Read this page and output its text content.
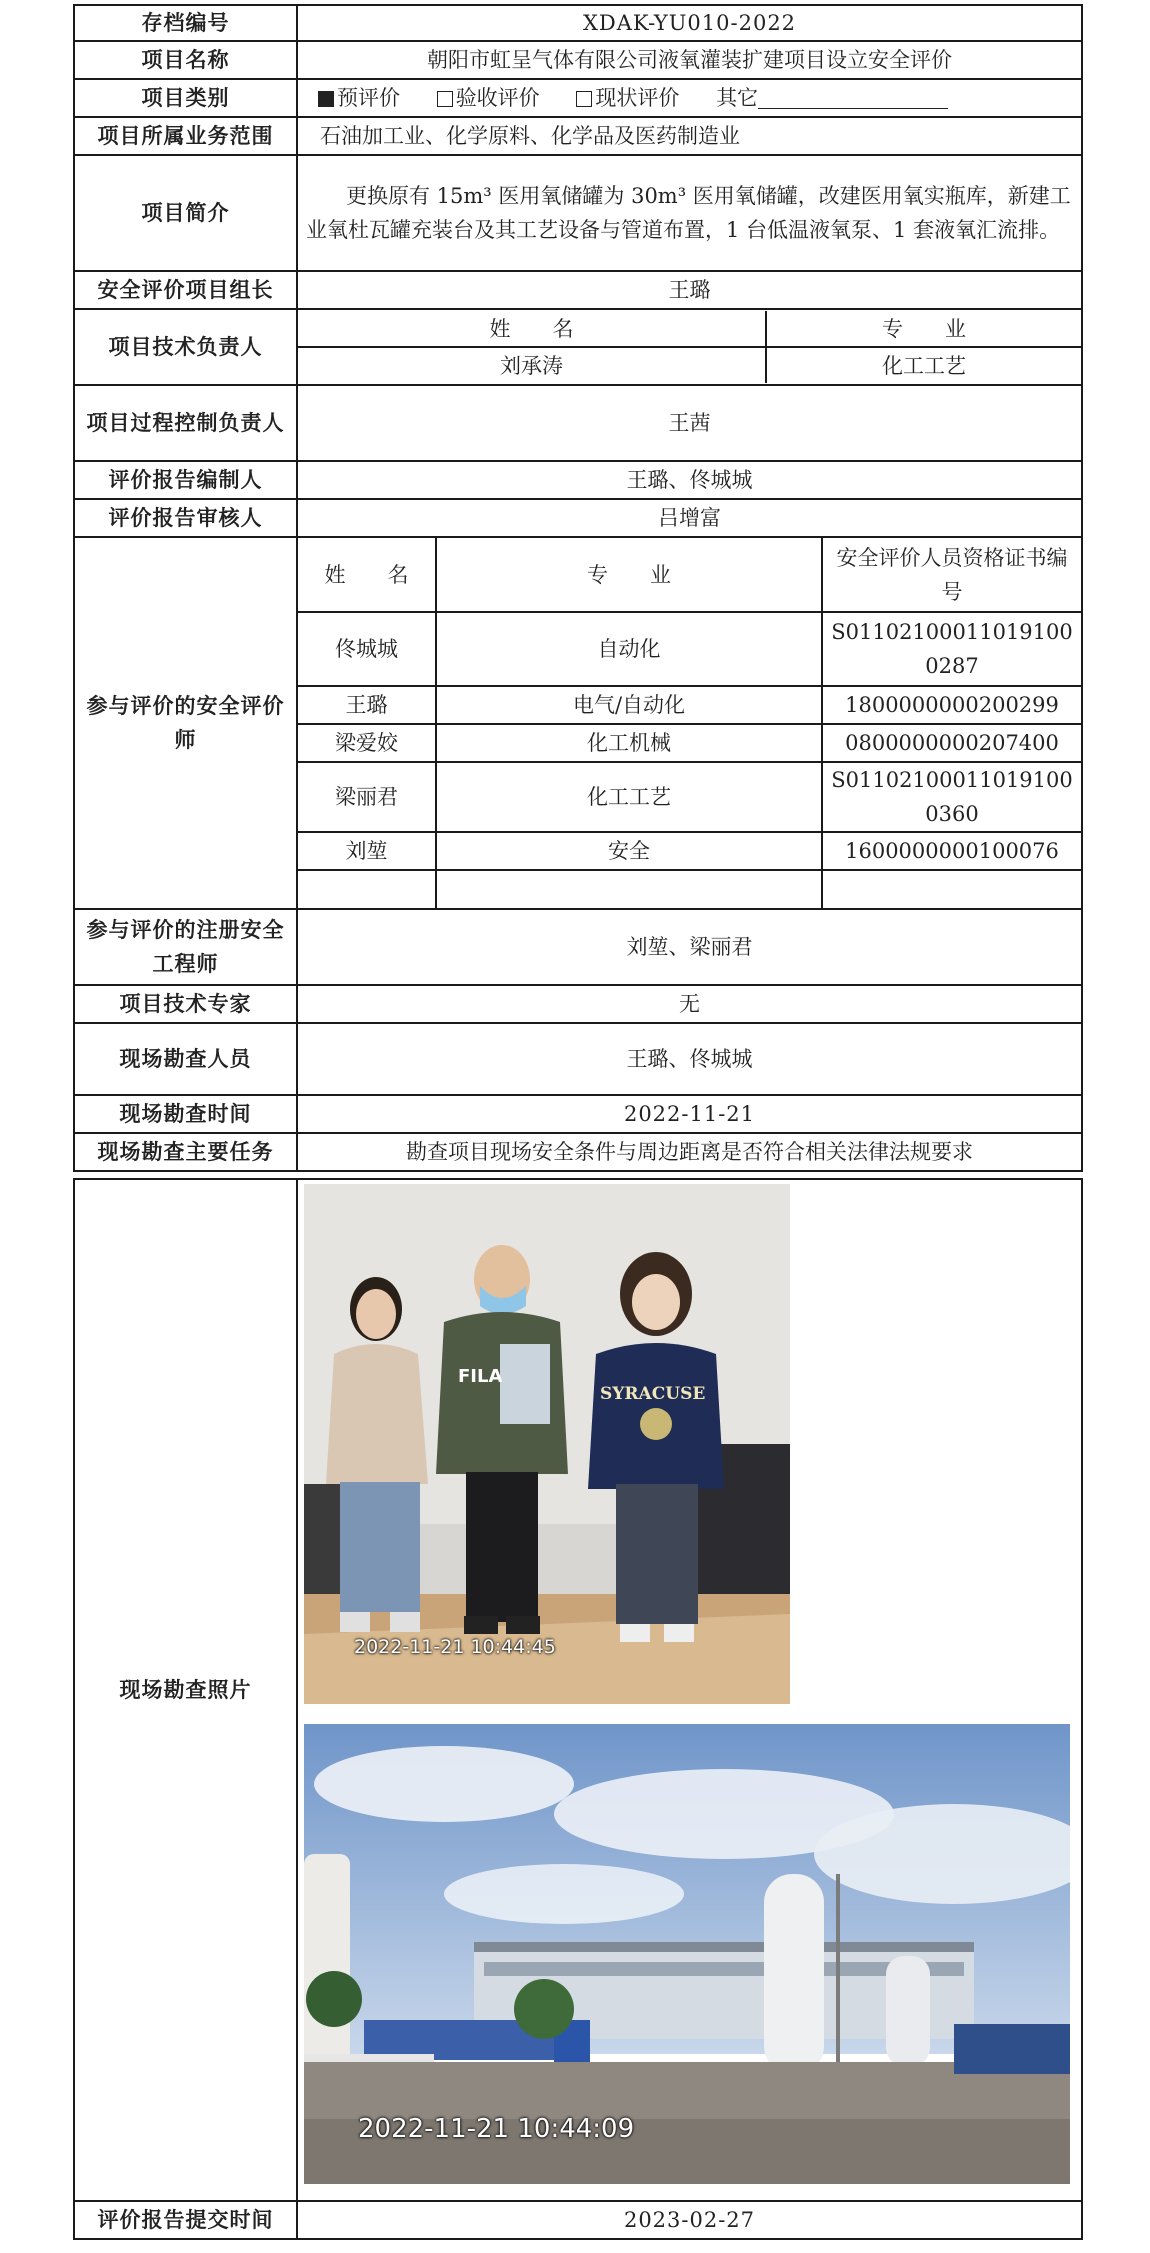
存档编号	XDAK-YU010-2022
项目名称	朝阳市虹呈气体有限公司液氧灌装扩建项目设立安全评价
项目类别	预评价	验收评价	现状评价 其它
项目所属业务范围	石油加工业、化学原料、化学品及医药制造业
项目简介	更换原有 15m³ 医用氧储罐为 30m³ 医用氧储罐，改建医用氧实瓶库，新建工业氧杜瓦罐充装台及其工艺设备与管道布置，1 台低温液氧泵、1 套液氧汇流排。
安全评价项目组长	王璐
项目技术负责人	
姓　　名	专　　业
刘承涛	化工工艺

项目过程控制负责人	王茜
评价报告编制人	王璐、佟城城
评价报告审核人	吕增富
参与评价的安全评价师	
姓　　名	专　　业	安全评价人员资格证书编号
佟城城	自动化	S011021000110191000287
王璐	电气/自动化	1800000000200299
梁爱姣	化工机械	0800000000207400
梁丽君	化工工艺	S011021000110191000360
刘堃	安全	1600000000100076

参与评价的注册安全工程师	刘堃、梁丽君
项目技术专家	无
现场勘查人员	王璐、佟城城
现场勘查时间	2022-11-21
现场勘查主要任务	勘查项目现场安全条件与周边距离是否符合相关法律法规要求
现场勘查照片	
评价报告提交时间	2023-02-27
FILA
SYRACUSE
2022-11-21 10:44:45
2022-11-21 10:44:09
